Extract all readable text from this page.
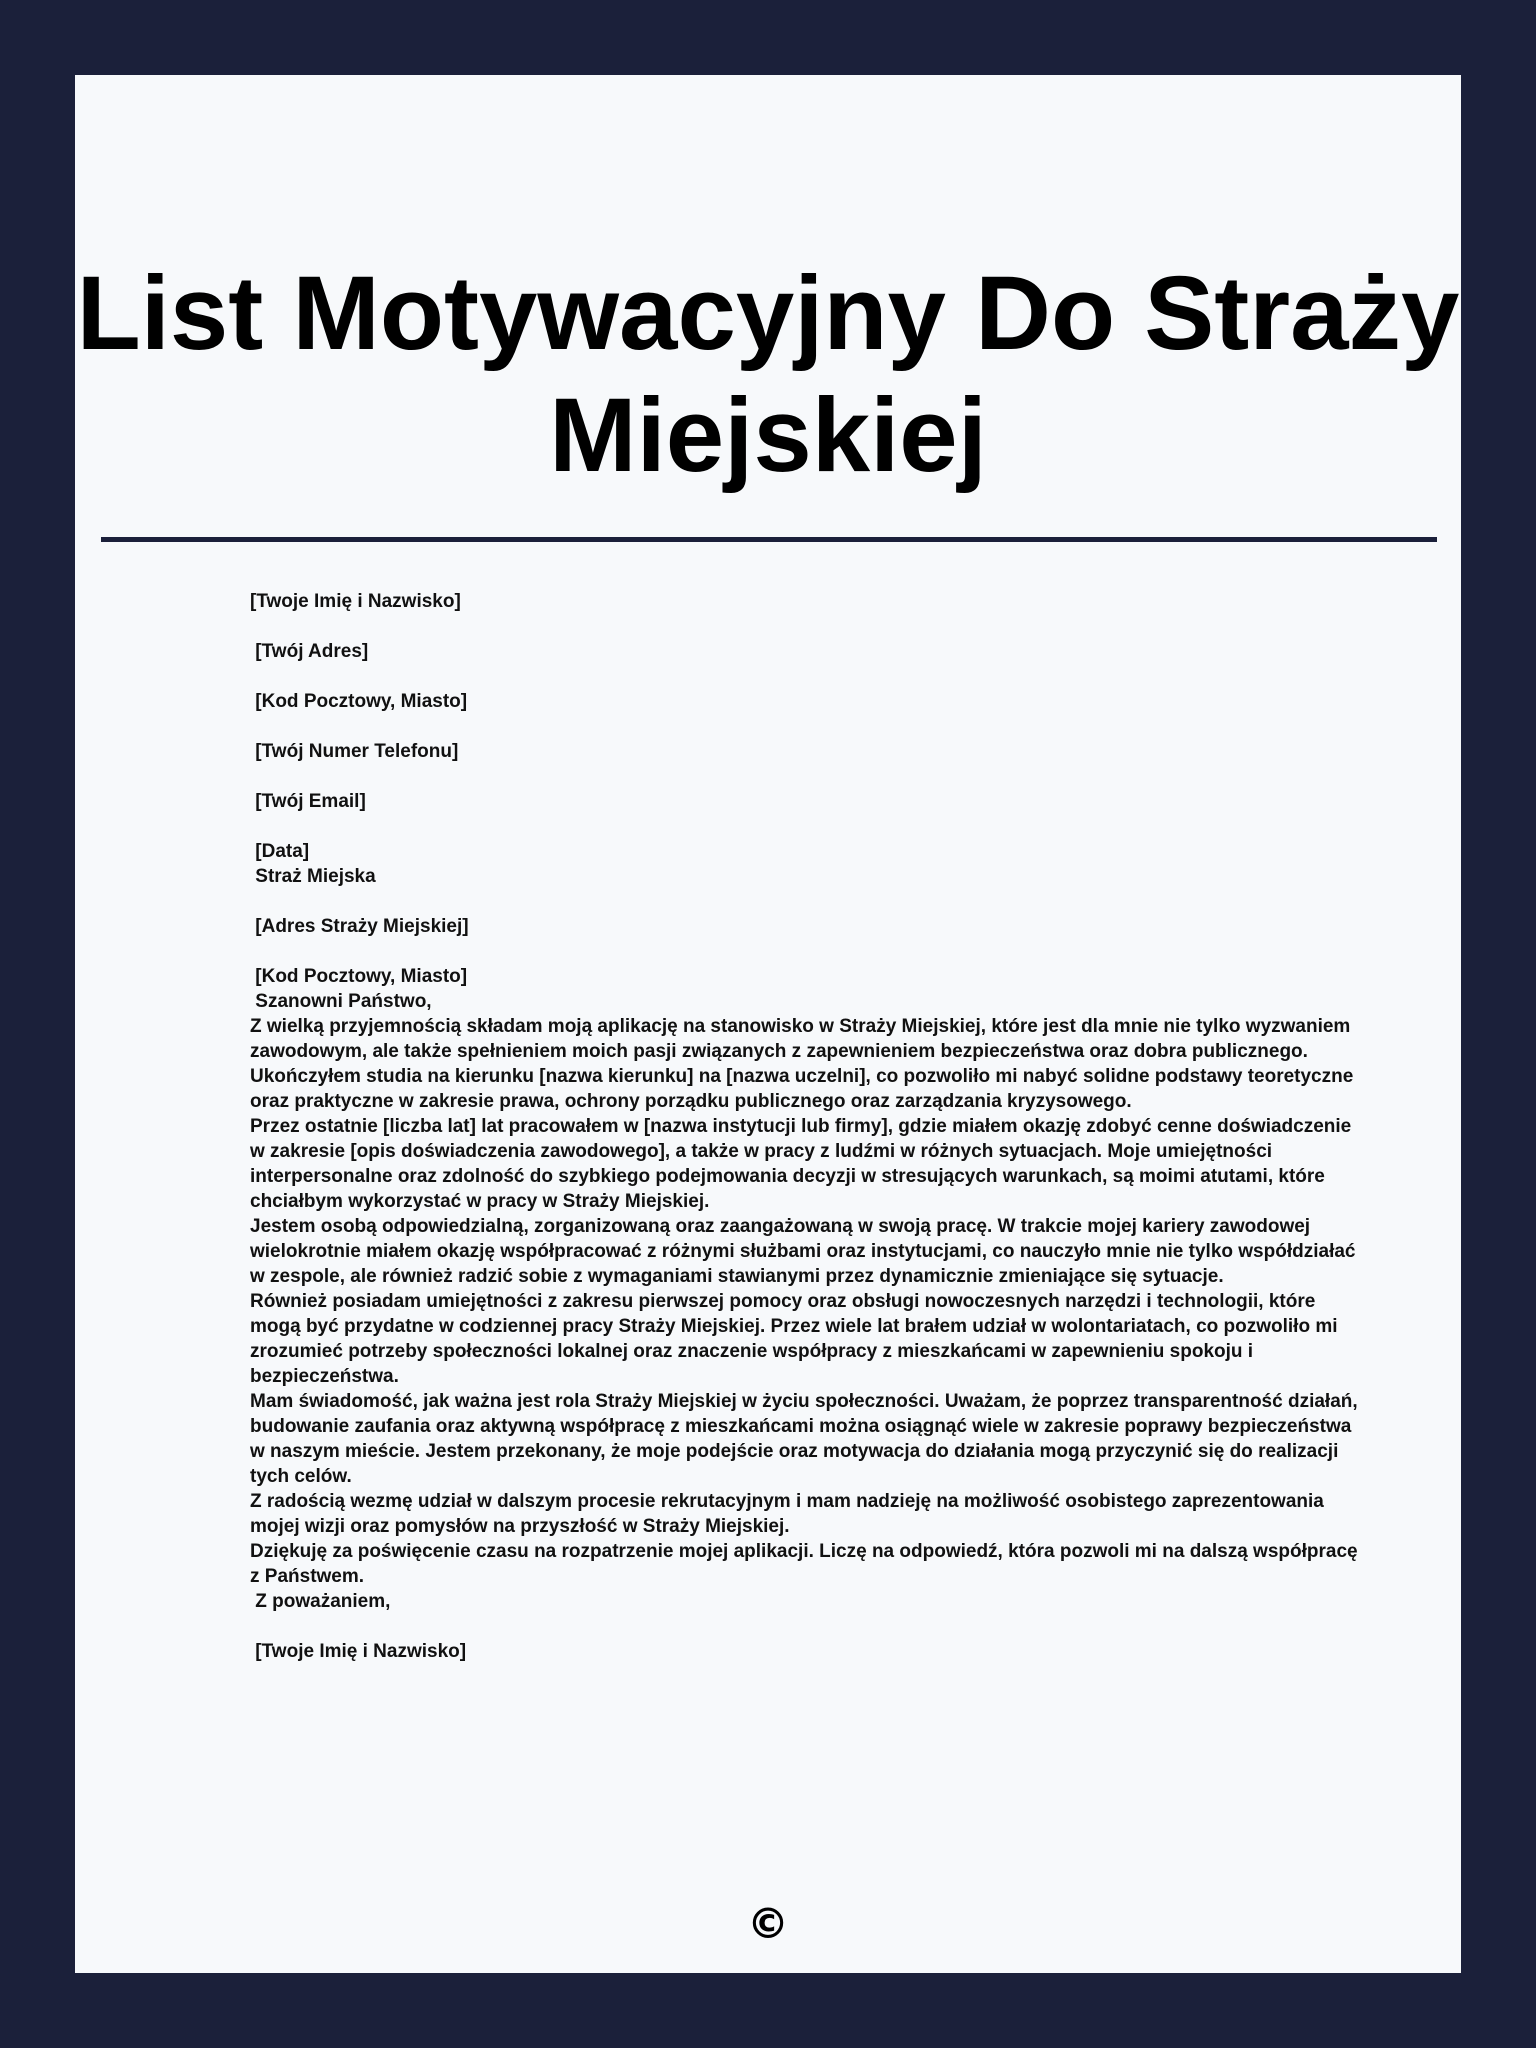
List Motywacyjny Do Straży Miejskiej
[Twoje Imię i Nazwisko]
[Twój Adres]
[Kod Pocztowy, Miasto]
[Twój Numer Telefonu]
[Twój Email]
[Data]
Straż Miejska
[Adres Straży Miejskiej]
[Kod Pocztowy, Miasto]
Szanowni Państwo,
Z wielką przyjemnością składam moją aplikację na stanowisko w Straży Miejskiej, które jest dla mnie nie tylko wyzwaniem zawodowym, ale także spełnieniem moich pasji związanych z zapewnieniem bezpieczeństwa oraz dobra publicznego. Ukończyłem studia na kierunku [nazwa kierunku] na [nazwa uczelni], co pozwoliło mi nabyć solidne podstawy teoretyczne oraz praktyczne w zakresie prawa, ochrony porządku publicznego oraz zarządzania kryzysowego.
Przez ostatnie [liczba lat] lat pracowałem w [nazwa instytucji lub firmy], gdzie miałem okazję zdobyć cenne doświadczenie w zakresie [opis doświadczenia zawodowego], a także w pracy z ludźmi w różnych sytuacjach. Moje umiejętności interpersonalne oraz zdolność do szybkiego podejmowania decyzji w stresujących warunkach, są moimi atutami, które chciałbym wykorzystać w pracy w Straży Miejskiej.
Jestem osobą odpowiedzialną, zorganizowaną oraz zaangażowaną w swoją pracę. W trakcie mojej kariery zawodowej wielokrotnie miałem okazję współpracować z różnymi służbami oraz instytucjami, co nauczyło mnie nie tylko współdziałać w zespole, ale również radzić sobie z wymaganiami stawianymi przez dynamicznie zmieniające się sytuacje.
Również posiadam umiejętności z zakresu pierwszej pomocy oraz obsługi nowoczesnych narzędzi i technologii, które mogą być przydatne w codziennej pracy Straży Miejskiej. Przez wiele lat brałem udział w wolontariatach, co pozwoliło mi zrozumieć potrzeby społeczności lokalnej oraz znaczenie współpracy z mieszkańcami w zapewnieniu spokoju i bezpieczeństwa.
Mam świadomość, jak ważna jest rola Straży Miejskiej w życiu społeczności. Uważam, że poprzez transparentność działań, budowanie zaufania oraz aktywną współpracę z mieszkańcami można osiągnąć wiele w zakresie poprawy bezpieczeństwa w naszym mieście. Jestem przekonany, że moje podejście oraz motywacja do działania mogą przyczynić się do realizacji tych celów.
Z radością wezmę udział w dalszym procesie rekrutacyjnym i mam nadzieję na możliwość osobistego zaprezentowania mojej wizji oraz pomysłów na przyszłość w Straży Miejskiej.
Dziękuję za poświęcenie czasu na rozpatrzenie mojej aplikacji. Liczę na odpowiedź, która pozwoli mi na dalszą współpracę z Państwem.
Z poważaniem,
[Twoje Imię i Nazwisko]
©
